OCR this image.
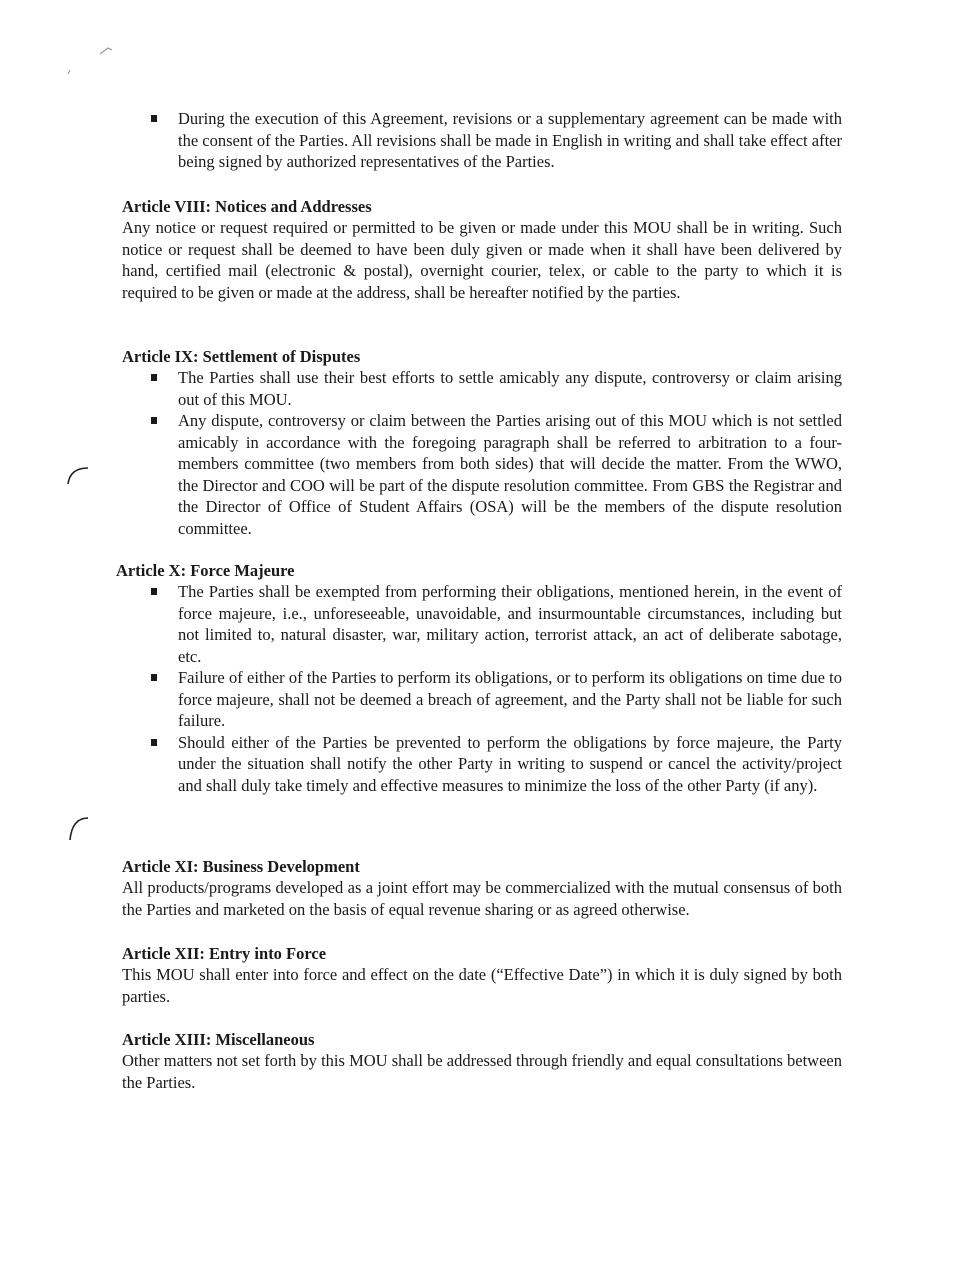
During the execution of this Agreement, revisions or a supplementary agreement can be made with the consent of the Parties. All revisions shall be made in English in writing and shall take effect after being signed by authorized representatives of the Parties.

Article VIII: Notices and Addresses

Any notice or request required or permitted to be given or made under this MOU shall be in writing. Such notice or request shall be deemed to have been duly given or made when it shall have been delivered by hand, certified mail (electronic & postal), overnight courier, telex, or cable to the party to which it is required to be given or made at the address, shall be hereafter notified by the parties.

Article IX: Settlement of Disputes

The Parties shall use their best efforts to settle amicably any dispute, controversy or claim arising out of this MOU.
Any dispute, controversy or claim between the Parties arising out of this MOU which is not settled amicably in accordance with the foregoing paragraph shall be referred to arbitration to a four-members committee (two members from both sides) that will decide the matter. From the WWO, the Director and COO will be part of the dispute resolution committee. From GBS the Registrar and the Director of Office of Student Affairs (OSA) will be the members of the dispute resolution committee.

Article X: Force Majeure

The Parties shall be exempted from performing their obligations, mentioned herein, in the event of force majeure, i.e., unforeseeable, unavoidable, and insurmountable circumstances, including but not limited to, natural disaster, war, military action, terrorist attack, an act of deliberate sabotage, etc.
Failure of either of the Parties to perform its obligations, or to perform its obligations on time due to force majeure, shall not be deemed a breach of agreement, and the Party shall not be liable for such failure.
Should either of the Parties be prevented to perform the obligations by force majeure, the Party under the situation shall notify the other Party in writing to suspend or cancel the activity/project and shall duly take timely and effective measures to minimize the loss of the other Party (if any).

Article XI: Business Development

All products/programs developed as a joint effort may be commercialized with the mutual consensus of both the Parties and marketed on the basis of equal revenue sharing or as agreed otherwise.

Article XII: Entry into Force

This MOU shall enter into force and effect on the date (“Effective Date”) in which it is duly signed by both parties.

Article XIII: Miscellaneous

Other matters not set forth by this MOU shall be addressed through friendly and equal consultations between the Parties.
